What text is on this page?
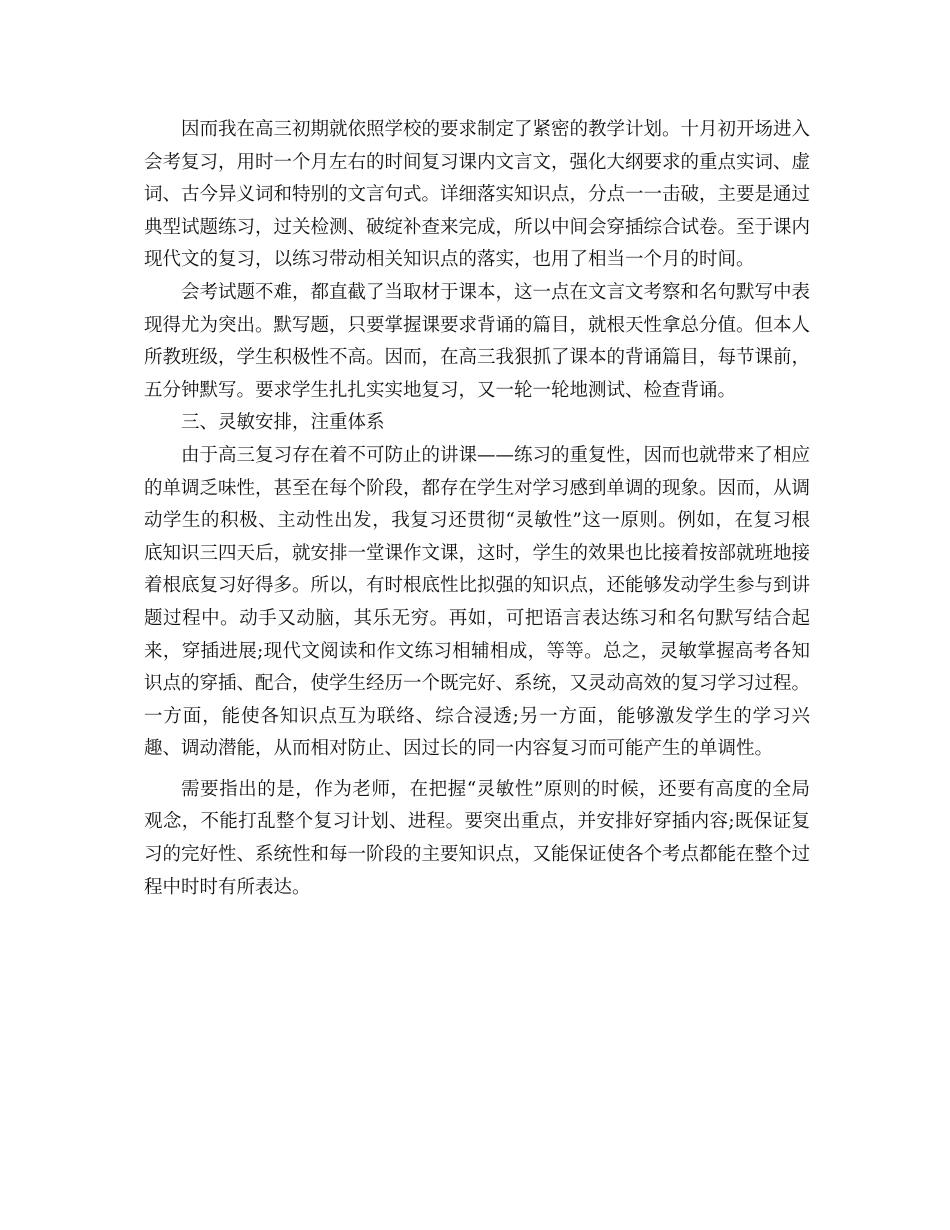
因而我在高三初期就依照学校的要求制定了紧密的教学计划。十月初开场进入会考复习，用时一个月左右的时间复习课内文言文，强化大纲要求的重点实词、虚词、古今异义词和特别的文言句式。详细落实知识点，分点一一击破，主要是通过典型试题练习，过关检测、破绽补查来完成，所以中间会穿插综合试卷。至于课内现代文的复习，以练习带动相关知识点的落实，也用了相当一个月的时间。

会考试题不难，都直截了当取材于课本，这一点在文言文考察和名句默写中表现得尤为突出。默写题，只要掌握课要求背诵的篇目，就根天性拿总分值。但本人所教班级，学生积极性不高。因而，在高三我狠抓了课本的背诵篇目，每节课前，五分钟默写。要求学生扎扎实实地复习，又一轮一轮地测试、检查背诵。

三、灵敏安排，注重体系

由于高三复习存在着不可防止的讲课——练习的重复性，因而也就带来了相应的单调乏味性，甚至在每个阶段，都存在学生对学习感到单调的现象。因而，从调动学生的积极、主动性出发，我复习还贯彻“灵敏性”这一原则。例如，在复习根底知识三四天后，就安排一堂课作文课，这时，学生的效果也比接着按部就班地接着根底复习好得多。所以，有时根底性比拟强的知识点，还能够发动学生参与到讲题过程中。动手又动脑，其乐无穷。再如，可把语言表达练习和名句默写结合起来，穿插进展;现代文阅读和作文练习相辅相成，等等。总之，灵敏掌握高考各知识点的穿插、配合，使学生经历一个既完好、系统，又灵动高效的复习学习过程。一方面，能使各知识点互为联络、综合浸透;另一方面，能够激发学生的学习兴趣、调动潜能，从而相对防止、因过长的同一内容复习而可能产生的单调性。

需要指出的是，作为老师，在把握“灵敏性”原则的时候，还要有高度的全局观念，不能打乱整个复习计划、进程。要突出重点，并安排好穿插内容;既保证复习的完好性、系统性和每一阶段的主要知识点，又能保证使各个考点都能在整个过程中时时有所表达。
